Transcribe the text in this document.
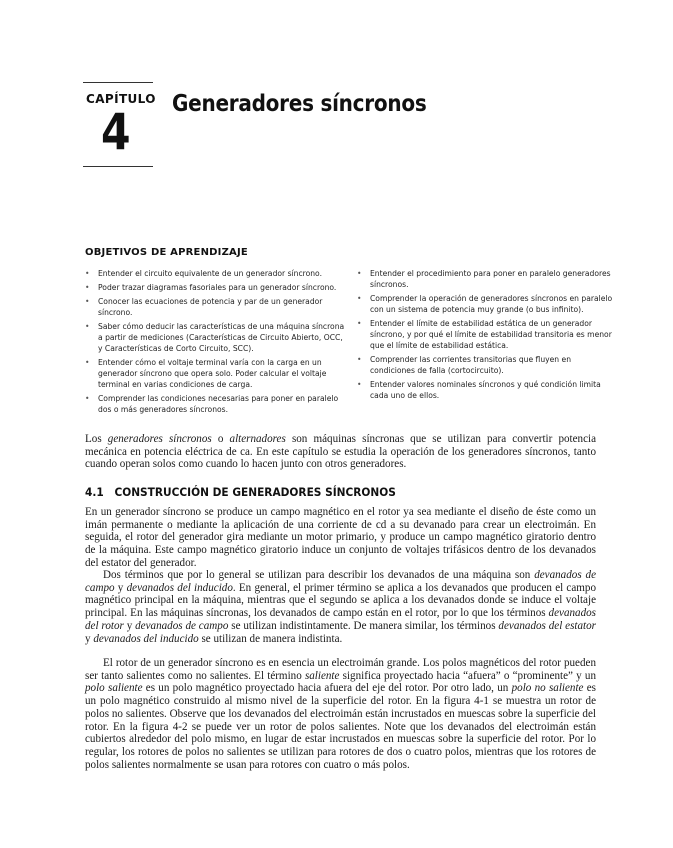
CAPÍTULO
4 Generadores síncronos
OBJETIVOS DE APRENDIZAJE
• Entender el circuito equivalente de un generador síncrono.
• Poder trazar diagramas fasoriales para un generador síncrono.
• Conocer las ecuaciones de potencia y par de un generador síncrono.
• Saber cómo deducir las características de una máquina síncrona a partir de mediciones (Características de Circuito Abierto, OCC, y Características de Corto Circuito, SCC).
• Entender cómo el voltaje terminal varía con la carga en un generador síncrono que opera solo. Poder calcular el voltaje terminal en varias condiciones de carga.
• Comprender las condiciones necesarias para poner en paralelo dos o más generadores síncronos.
• Entender el procedimiento para poner en paralelo generadores síncronos.
• Comprender la operación de generadores síncronos en paralelo con un sistema de potencia muy grande (o bus infinito).
• Entender el límite de estabilidad estática de un generador síncrono, y por qué el límite de estabilidad transitoria es menor que el límite de estabilidad estática.
• Comprender las corrientes transitorias que fluyen en condiciones de falla (cortocircuito).
• Entender valores nominales síncronos y qué condición limita cada uno de ellos.

Los generadores síncronos o alternadores son máquinas síncronas que se utilizan para convertir potencia mecánica en potencia eléctrica de ca. En este capítulo se estudia la operación de los generadores síncronos, tanto cuando operan solos como cuando lo hacen junto con otros generadores.

4.1 CONSTRUCCIÓN DE GENERADORES SÍNCRONOS

En un generador síncrono se produce un campo magnético en el rotor ya sea mediante el diseño de éste como un imán permanente o mediante la aplicación de una corriente de cd a su devanado para crear un electroimán. En seguida, el rotor del generador gira mediante un motor primario, y produce un campo magnético giratorio dentro de la máquina. Este campo magnético giratorio induce un conjunto de voltajes trifásicos dentro de los devanados del estator del generador.

Dos términos que por lo general se utilizan para describir los devanados de una máquina son devanados de campo y devanados del inducido. En general, el primer término se aplica a los devanados que producen el campo magnético principal en la máquina, mientras que el segundo se aplica a los devanados donde se induce el voltaje principal. En las máquinas síncronas, los devanados de campo están en el rotor, por lo que los términos devanados del rotor y devanados de campo se utilizan indistintamente. De manera similar, los términos devanados del estator y devanados del inducido se utilizan de manera indistinta.

El rotor de un generador síncrono es en esencia un electroimán grande. Los polos magnéticos del rotor pueden ser tanto salientes como no salientes. El término saliente significa proyectado hacia “afuera” o “prominente” y un polo saliente es un polo magnético proyectado hacia afuera del eje del rotor. Por otro lado, un polo no saliente es un polo magnético construido al mismo nivel de la superficie del rotor. En la figura 4-1 se muestra un rotor de polos no salientes. Observe que los devanados del electroimán están incrustados en muescas sobre la superficie del rotor. En la figura 4-2 se puede ver un rotor de polos salientes. Note que los devanados del electroimán están cubiertos alrededor del polo mismo, en lugar de estar incrustados en muescas sobre la superficie del rotor. Por lo regular, los rotores de polos no salientes se utilizan para rotores de dos o cuatro polos, mientras que los rotores de polos salientes normalmente se usan para rotores con cuatro o más polos.
